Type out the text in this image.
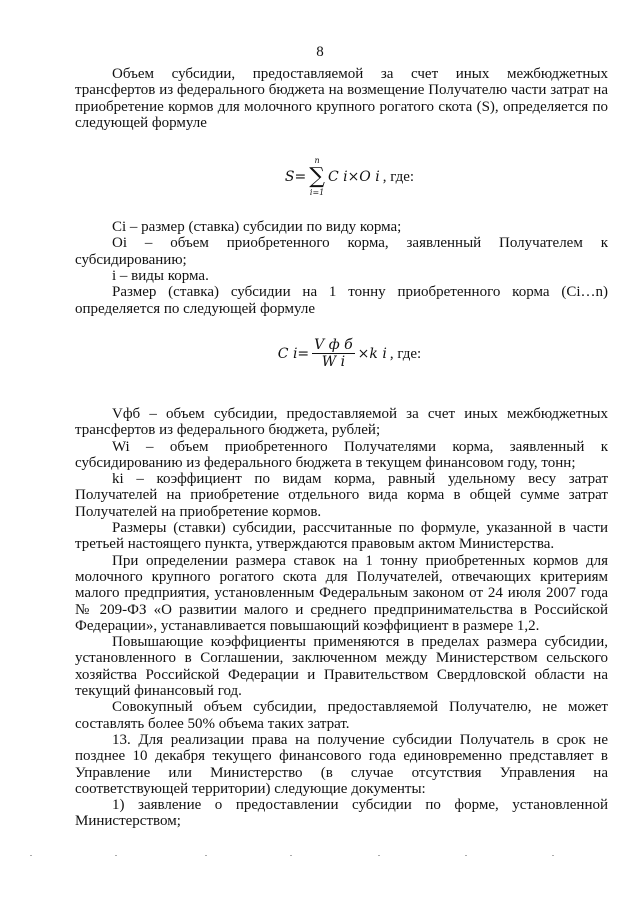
8

Объем субсидии, предоставляемой за счет иных межбюджетных трансфертов из федерального бюджета на возмещение Получателю части затрат на приобретение кормов для молочного крупного рогатого скота (S), определяется по следующей формуле

S =
n
∑
i=1
C i×O i , где:

Ci – размер (ставка) субсидии по виду корма;

Oi – объем приобретенного корма, заявленный Получателем к субсидированию;

i – виды корма.

Размер (ставка) субсидии на 1 тонну приобретенного корма (Ci…n) определяется по следующей формуле

C $i = \frac{\text{V ф б}}{\text{W i}} \times k$ i , где:

Vфб – объем субсидии, предоставляемой за счет иных межбюджетных трансфертов из федерального бюджета, рублей;

Wi – объем приобретенного Получателями корма, заявленный к субсидированию из федерального бюджета в текущем финансовом году, тонн;

ki – коэффициент по видам корма, равный удельному весу затрат Получателей на приобретение отдельного вида корма в общей сумме затрат Получателей на приобретение кормов.

Размеры (ставки) субсидии, рассчитанные по формуле, указанной в части третьей настоящего пункта, утверждаются правовым актом Министерства.

При определении размера ставок на 1 тонну приобретенных кормов для молочного крупного рогатого скота для Получателей, отвечающих критериям малого предприятия, установленным Федеральным законом от 24 июля 2007 года № 209-ФЗ «О развитии малого и среднего предпринимательства в Российской Федерации», устанавливается повышающий коэффициент в размере 1,2.

Повышающие коэффициенты применяются в пределах размера субсидии, установленного в Соглашении, заключенном между Министерством сельского хозяйства Российской Федерации и Правительством Свердловской области на текущий финансовый год.

Совокупный объем субсидии, предоставляемой Получателю, не может составлять более 50% объема таких затрат.

13. Для реализации права на получение субсидии Получатель в срок не позднее 10 декабря текущего финансового года единовременно представляет в Управление или Министерство (в случае отсутствия Управления на соответствующей территории) следующие документы:

1) заявление о предоставлении субсидии по форме, установленной Министерством;
